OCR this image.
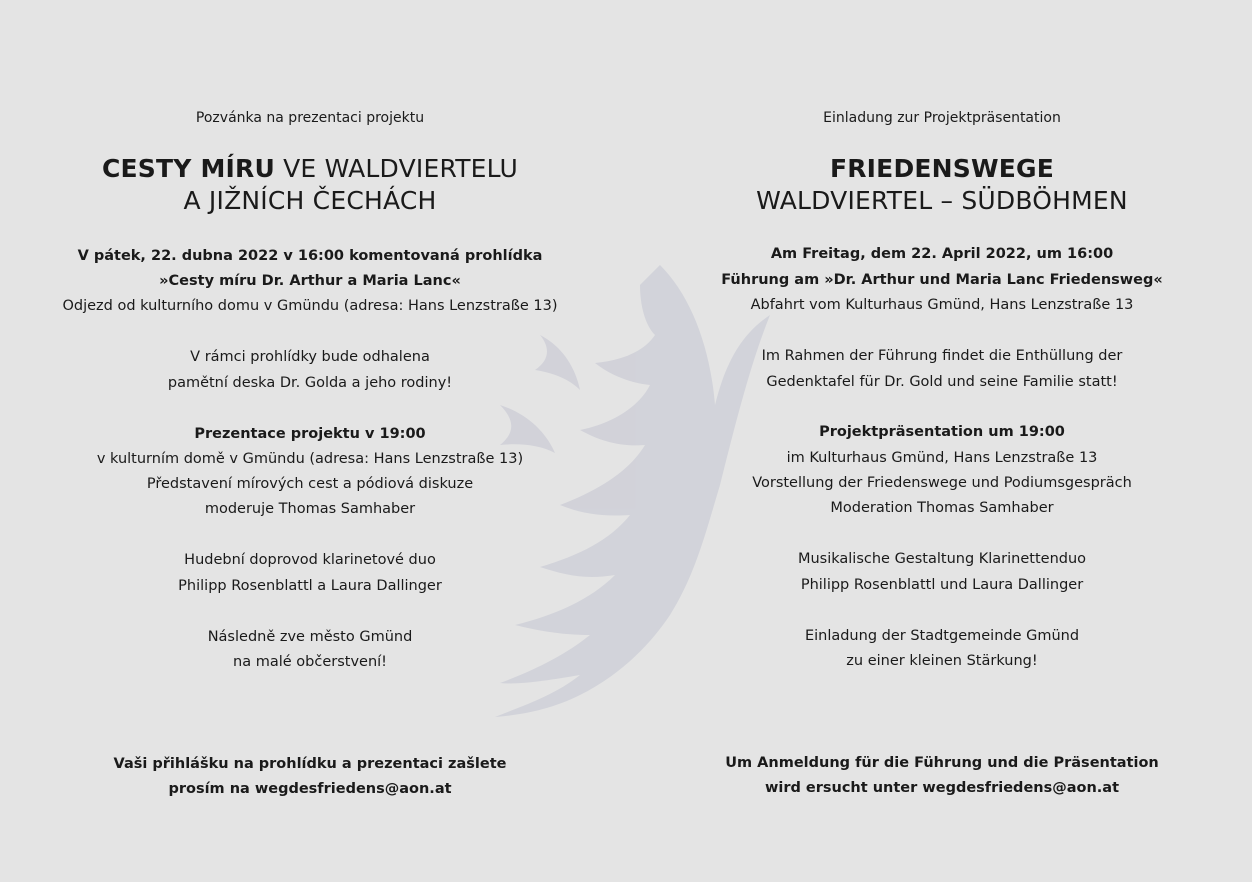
Pozvánka na prezentaci projektu
CESTY MÍRU VE WALDVIERTELU
A JIŽNÍCH ČECHÁCH
V pátek, 22. dubna 2022 v 16:00 komentovaná prohlídka
»Cesty míru Dr. Arthur a Maria Lanc«
Odjezd od kulturního domu v Gmündu (adresa: Hans Lenzstraße 13)
V rámci prohlídky bude odhalena
pamětní deska Dr. Golda a jeho rodiny!
Prezentace projektu v 19:00
v kulturním domě v Gmündu (adresa: Hans Lenzstraße 13)
Představení mírových cest a pódiová diskuze
moderuje Thomas Samhaber
Hudební doprovod klarinetové duo
Philipp Rosenblattl a Laura Dallinger
Následně zve město Gmünd
na malé občerstvení!
Vaši přihlášku na prohlídku a prezentaci zašlete
prosím na wegdesfriedens@aon.at
Einladung zur Projektpräsentation
FRIEDENSWEGE
WALDVIERTEL – SÜDBÖHMEN
Am Freitag, dem 22. April 2022, um 16:00
Führung am »Dr. Arthur und Maria Lanc Friedensweg«
Abfahrt vom Kulturhaus Gmünd, Hans Lenzstraße 13
Im Rahmen der Führung findet die Enthüllung der
Gedenktafel für Dr. Gold und seine Familie statt!
Projektpräsentation um 19:00
im Kulturhaus Gmünd, Hans Lenzstraße 13
Vorstellung der Friedenswege und Podiumsgespräch
Moderation Thomas Samhaber
Musikalische Gestaltung Klarinettenduo
Philipp Rosenblattl und Laura Dallinger
Einladung der Stadtgemeinde Gmünd
zu einer kleinen Stärkung!
Um Anmeldung für die Führung und die Präsentation
wird ersucht unter wegdesfriedens@aon.at
